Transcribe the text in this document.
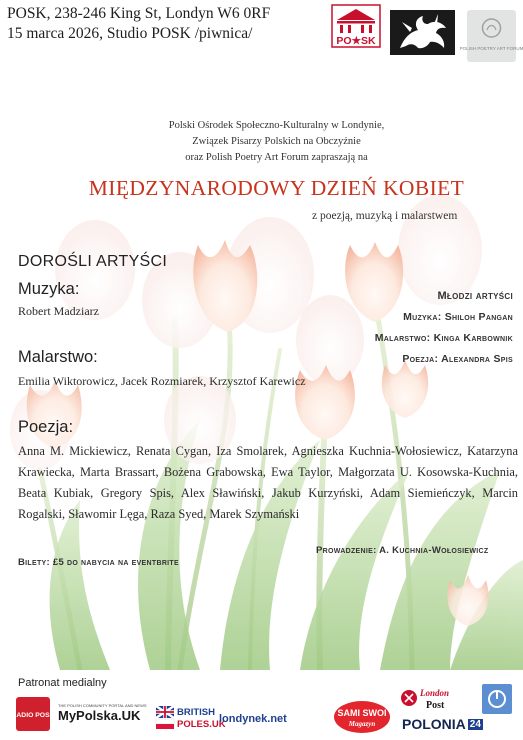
POSK, 238-246 King St, Londyn W6 0RF
15 marca 2026, Studio POSK /piwnica/	PO★SK
POLISH POETRY ART FORUM
Polski Ośrodek Społeczno-Kulturalny w Londynie,
Związek Pisarzy Polskich na Obczyźnie
oraz Polish Poetry Art Forum zapraszają na
MIĘDZYNARODOWY DZIEŃ KOBIET
z poezją, muzyką i malarstwem
DOROŚLI ARTYŚCI
Muzyka:
Robert Madziarz
Malarstwo:
Emilia Wiktorowicz, Jacek Rozmiarek, Krzysztof Karewicz
Poezja:
Anna M. Mickiewicz, Renata Cygan, Iza Smolarek, Agnieszka Kuchnia-Wołosiewicz, Katarzyna Krawiecka, Marta Brassart, Bożena Grabowska, Ewa Taylor, Małgorzata U. Kosowska-Kuchnia, Beata Kubiak, Gregory Spis, Alex Sławiński, Jakub Kurzyński, Adam Siemieńczyk, Marcin Rogalski, Sławomir Lęga, Raza Syed, Marek Szymański
Młodzi artyści
Muzyka: Shiloh Pangan
Malarstwo: Kinga Karbownik
Poezja: Alexandra Spis
Prowadzenie: A. Kuchnia-Wołosiewicz
Bilety: £5 do nabycia na eventbrite
Patronat medialny
RADIO POSK
THE POLISH COMMUNITY PORTAL AND NEWS
MyPolska.UK	BRITISH
POLES.UK
londynek.net	SAMI SWOI
Magazyn
London
Post
POLONIA 24
